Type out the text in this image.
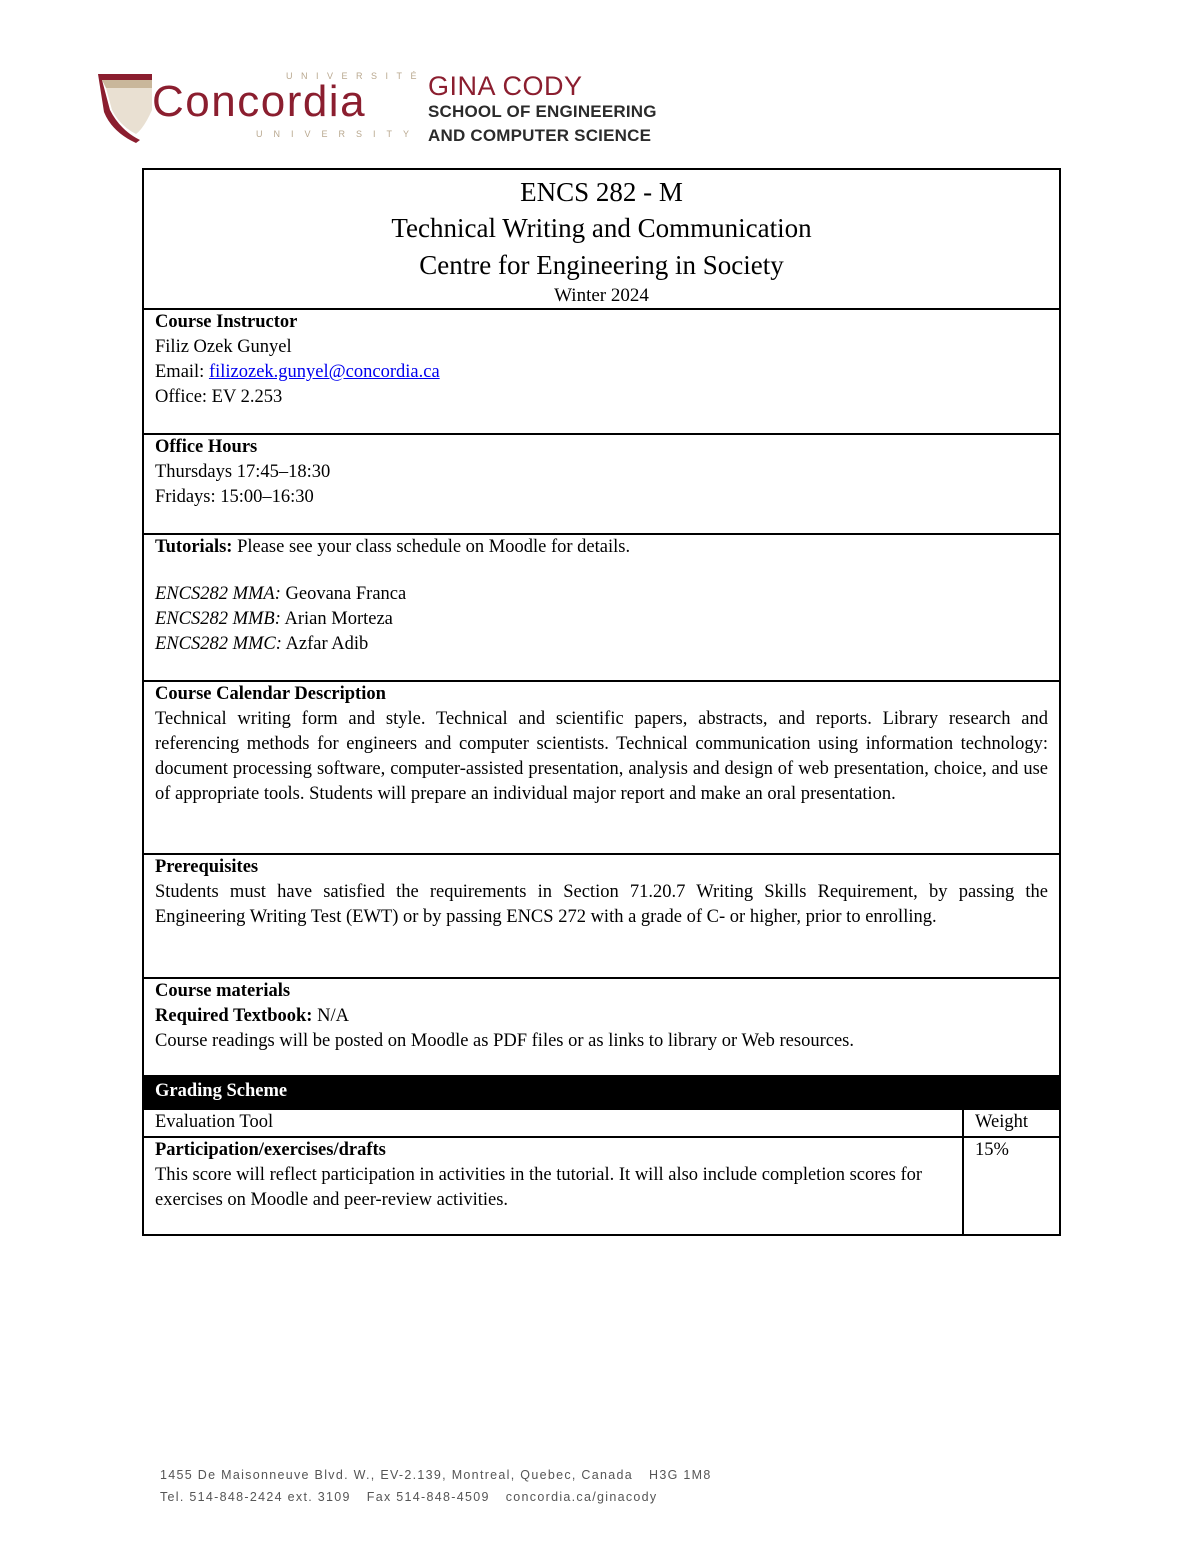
UNIVERSITÉ
Concordia
UNIVERSITY
GINA CODY
SCHOOL OF ENGINEERING
AND COMPUTER SCIENCE
ENCS 282 - M
Technical Writing and Communication
Centre for Engineering in Society
Winter 2024	

Course Instructor
Filiz Ozek Gunyel
Email: filizozek.gunyel@concordia.ca
Office: EV 2.253	

Office Hours
Thursdays 17:45–18:30
Fridays: 15:00–16:30	

Tutorials: Please see your class schedule on Moodle for details.
ENCS282 MMA: Geovana Franca
ENCS282 MMB: Arian Morteza
ENCS282 MMC: Azfar Adib	

Course Calendar Description
Technical writing form and style. Technical and scientific papers, abstracts, and reports. Library research and referencing methods for engineers and computer scientists. Technical communication using information technology: document processing software, computer-assisted presentation, analysis and design of web presentation, choice, and use of appropriate tools. Students will prepare an individual major report and make an oral presentation.	

Prerequisites
Students must have satisfied the requirements in Section 71.20.7 Writing Skills Requirement, by passing the Engineering Writing Test (EWT) or by passing ENCS 272 with a grade of C- or higher, prior to enrolling.	

Course materials
Required Textbook: N/A
Course readings will be posted on Moodle as PDF files or as links to library or Web resources.	

Grading Scheme	
Evaluation Tool	Weight

Participation/exercises/drafts
This score will reflect participation in activities in the tutorial. It will also include completion scores for exercises on Moodle and peer-review activities.	15%
1455 De Maisonneuve Blvd. W., EV-2.139, Montreal, Quebec, Canada H3G 1M8
Tel. 514-848-2424 ext. 3109 Fax 514-848-4509 concordia.ca/ginacody
